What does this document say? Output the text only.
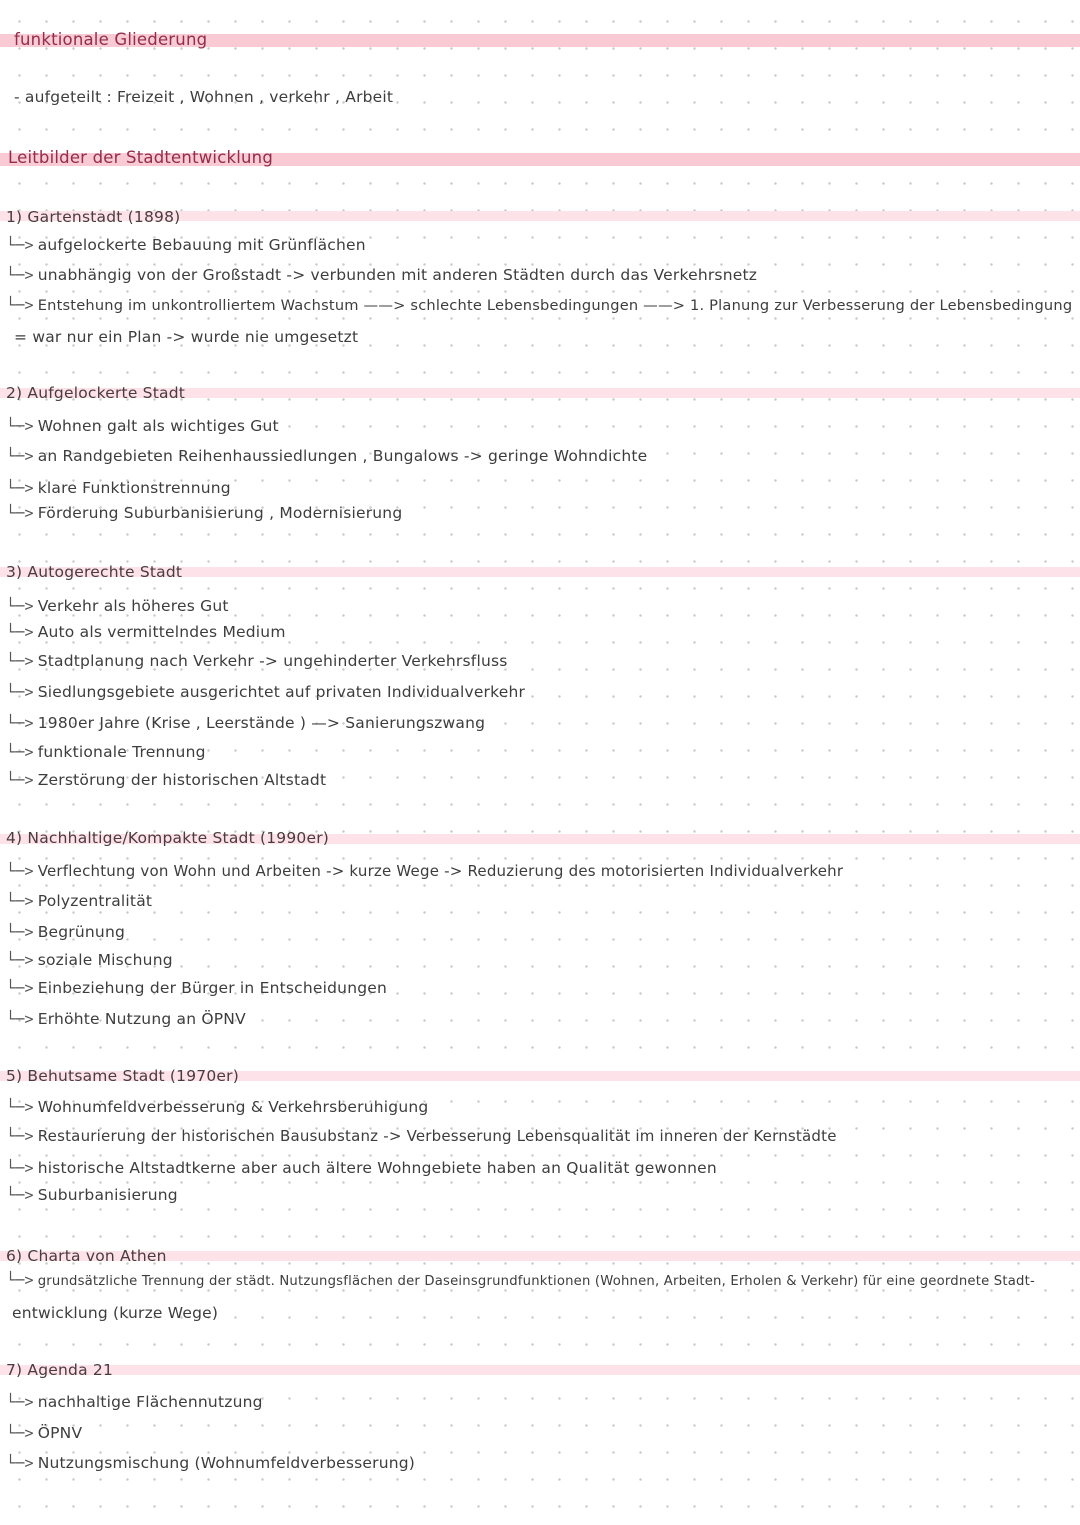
funktionale Gliederung
- aufgeteilt : Freizeit , Wohnen , verkehr , Arbeit
Leitbilder der Stadtentwicklung
1) Gartenstadt (1898)
└─> aufgelockerte Bebauung mit Grünflächen
└─> unabhängig von der Großstadt -> verbunden mit anderen Städten durch das Verkehrsnetz
└─> Entstehung im unkontrolliertem Wachstum ——> schlechte Lebensbedingungen ——> 1. Planung zur Verbesserung der Lebensbedingung
= war nur ein Plan -> wurde nie umgesetzt
2) Aufgelockerte Stadt
└─> Wohnen galt als wichtiges Gut
└─> an Randgebieten Reihenhaussiedlungen , Bungalows -> geringe Wohndichte
└─> klare Funktionstrennung
└─> Förderung Suburbanisierung , Modernisierung
3) Autogerechte Stadt
└─> Verkehr als höheres Gut
└─> Auto als vermittelndes Medium
└─> Stadtplanung nach Verkehr -> ungehinderter Verkehrsfluss
└─> Siedlungsgebiete ausgerichtet auf privaten Individualverkehr
└─> 1980er Jahre (Krise , Leerstände ) —> Sanierungszwang
└─> funktionale Trennung
└─> Zerstörung der historischen Altstadt
4) Nachhaltige/Kompakte Stadt (1990er)
└─> Verflechtung von Wohn und Arbeiten -> kurze Wege -> Reduzierung des motorisierten Individualverkehr
└─> Polyzentralität
└─> Begrünung
└─> soziale Mischung
└─> Einbeziehung der Bürger in Entscheidungen
└─> Erhöhte Nutzung an ÖPNV
5) Behutsame Stadt (1970er)
└─> Wohnumfeldverbesserung & Verkehrsberuhigung
└─> Restaurierung der historischen Bausubstanz -> Verbesserung Lebensqualität im inneren der Kernstädte
└─> historische Altstadtkerne aber auch ältere Wohngebiete haben an Qualität gewonnen
└─> Suburbanisierung
6) Charta von Athen
└─> grundsätzliche Trennung der städt. Nutzungsflächen der Daseinsgrundfunktionen (Wohnen, Arbeiten, Erholen & Verkehr) für eine geordnete Stadt-
entwicklung (kurze Wege)
7) Agenda 21
└─> nachhaltige Flächennutzung
└─> ÖPNV
└─> Nutzungsmischung (Wohnumfeldverbesserung)
